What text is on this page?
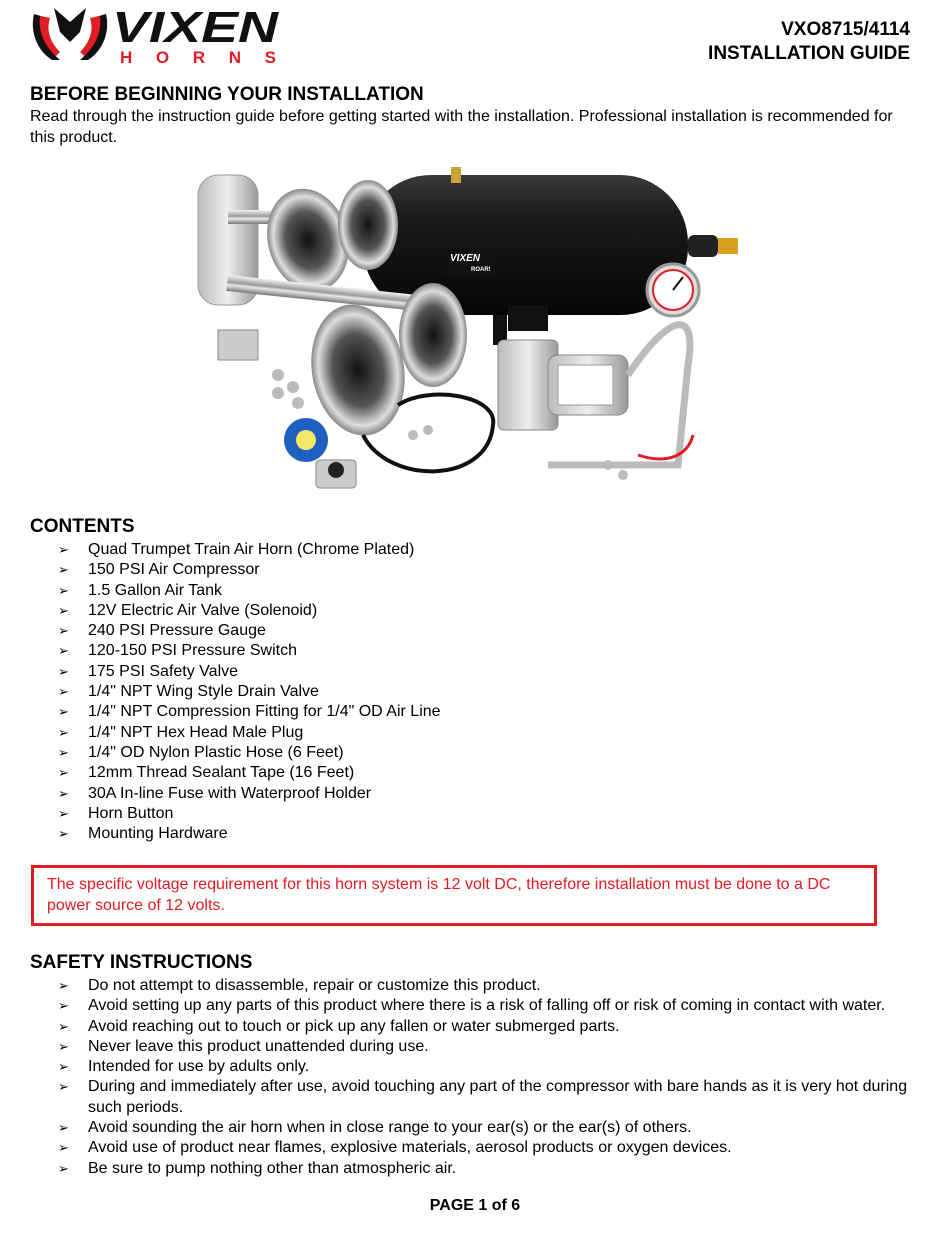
VIXEN
HORNS
VXO8715/4114
INSTALLATION GUIDE
BEFORE BEGINNING YOUR INSTALLATION

Read through the instruction guide before getting started with the installation. Professional installation is recommended for this product.

VIXEN
ROAR!
CONTENTS
➢ Quad Trumpet Train Air Horn (Chrome Plated)
➢ 150 PSI Air Compressor
➢ 1.5 Gallon Air Tank
➢ 12V Electric Air Valve (Solenoid)
➢ 240 PSI Pressure Gauge
➢ 120-150 PSI Pressure Switch
➢ 175 PSI Safety Valve
➢ 1/4" NPT Wing Style Drain Valve
➢ 1/4" NPT Compression Fitting for 1/4" OD Air Line
➢ 1/4" NPT Hex Head Male Plug
➢ 1/4" OD Nylon Plastic Hose (6 Feet)
➢ 12mm Thread Sealant Tape (16 Feet)
➢ 30A In-line Fuse with Waterproof Holder
➢ Horn Button
➢ Mounting Hardware
The specific voltage requirement for this horn system is 12 volt DC, therefore installation must be done to a DC power source of 12 volts.
SAFETY INSTRUCTIONS
➢ Do not attempt to disassemble, repair or customize this product.
➢ Avoid setting up any parts of this product where there is a risk of falling off or risk of coming in contact with water.
➢ Avoid reaching out to touch or pick up any fallen or water submerged parts.
➢ Never leave this product unattended during use.
➢ Intended for use by adults only.
➢ During and immediately after use, avoid touching any part of the compressor with bare hands as it is very hot during such periods.
➢ Avoid sounding the air horn when in close range to your ear(s) or the ear(s) of others.
➢ Avoid use of product near flames, explosive materials, aerosol products or oxygen devices.
➢ Be sure to pump nothing other than atmospheric air.
PAGE 1 of 6
